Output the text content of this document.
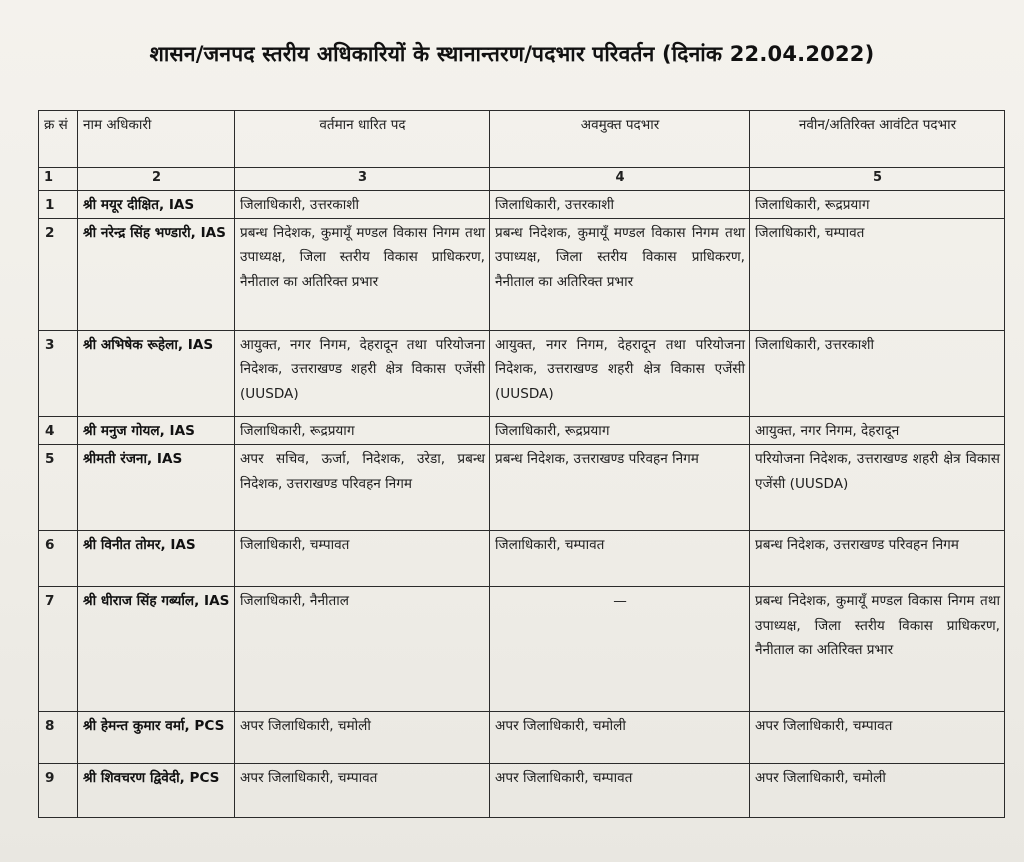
शासन/जनपद स्तरीय अधिकारियों के स्थानान्तरण/पदभार परिवर्तन (दिनांक 22.04.2022)
क्र सं	नाम अधिकारी	वर्तमान धारित पद	अवमुक्त पदभार	नवीन/अतिरिक्त आवंटित पदभार
1	2	3	4	5
1	श्री मयूर दीक्षित, IAS	जिलाधिकारी, उत्तरकाशी	जिलाधिकारी, उत्तरकाशी	जिलाधिकारी, रूद्रप्रयाग
2	श्री नरेन्द्र सिंह भण्डारी, IAS	प्रबन्ध निदेशक, कुमायूँ मण्डल विकास निगम तथा उपाध्यक्ष, जिला स्तरीय विकास प्राधिकरण, नैनीताल का अतिरिक्त प्रभार	प्रबन्ध निदेशक, कुमायूँ मण्डल विकास निगम तथा उपाध्यक्ष, जिला स्तरीय विकास प्राधिकरण, नैनीताल का अतिरिक्त प्रभार	जिलाधिकारी, चम्पावत
3	श्री अभिषेक रूहेला, IAS	आयुक्त, नगर निगम, देहरादून तथा परियोजना निदेशक, उत्तराखण्ड शहरी क्षेत्र विकास एजेंसी (UUSDA)	आयुक्त, नगर निगम, देहरादून तथा परियोजना निदेशक, उत्तराखण्ड शहरी क्षेत्र विकास एजेंसी (UUSDA)	जिलाधिकारी, उत्तरकाशी
4	श्री मनुज गोयल, IAS	जिलाधिकारी, रूद्रप्रयाग	जिलाधिकारी, रूद्रप्रयाग	आयुक्त, नगर निगम, देहरादून
5	श्रीमती रंजना, IAS	अपर सचिव, ऊर्जा, निदेशक, उरेडा, प्रबन्ध निदेशक, उत्तराखण्ड परिवहन निगम	प्रबन्ध निदेशक, उत्तराखण्ड परिवहन निगम	परियोजना निदेशक, उत्तराखण्ड शहरी क्षेत्र विकास एजेंसी (UUSDA)
6	श्री विनीत तोमर, IAS	जिलाधिकारी, चम्पावत	जिलाधिकारी, चम्पावत	प्रबन्ध निदेशक, उत्तराखण्ड परिवहन निगम
7	श्री धीराज सिंह गर्ब्याल, IAS	जिलाधिकारी, नैनीताल	—	प्रबन्ध निदेशक, कुमायूँ मण्डल विकास निगम तथा उपाध्यक्ष, जिला स्तरीय विकास प्राधिकरण, नैनीताल का अतिरिक्त प्रभार
8	श्री हेमन्त कुमार वर्मा, PCS	अपर जिलाधिकारी, चमोली	अपर जिलाधिकारी, चमोली	अपर जिलाधिकारी, चम्पावत
9	श्री शिवचरण द्विवेदी, PCS	अपर जिलाधिकारी, चम्पावत	अपर जिलाधिकारी, चम्पावत	अपर जिलाधिकारी, चमोली
